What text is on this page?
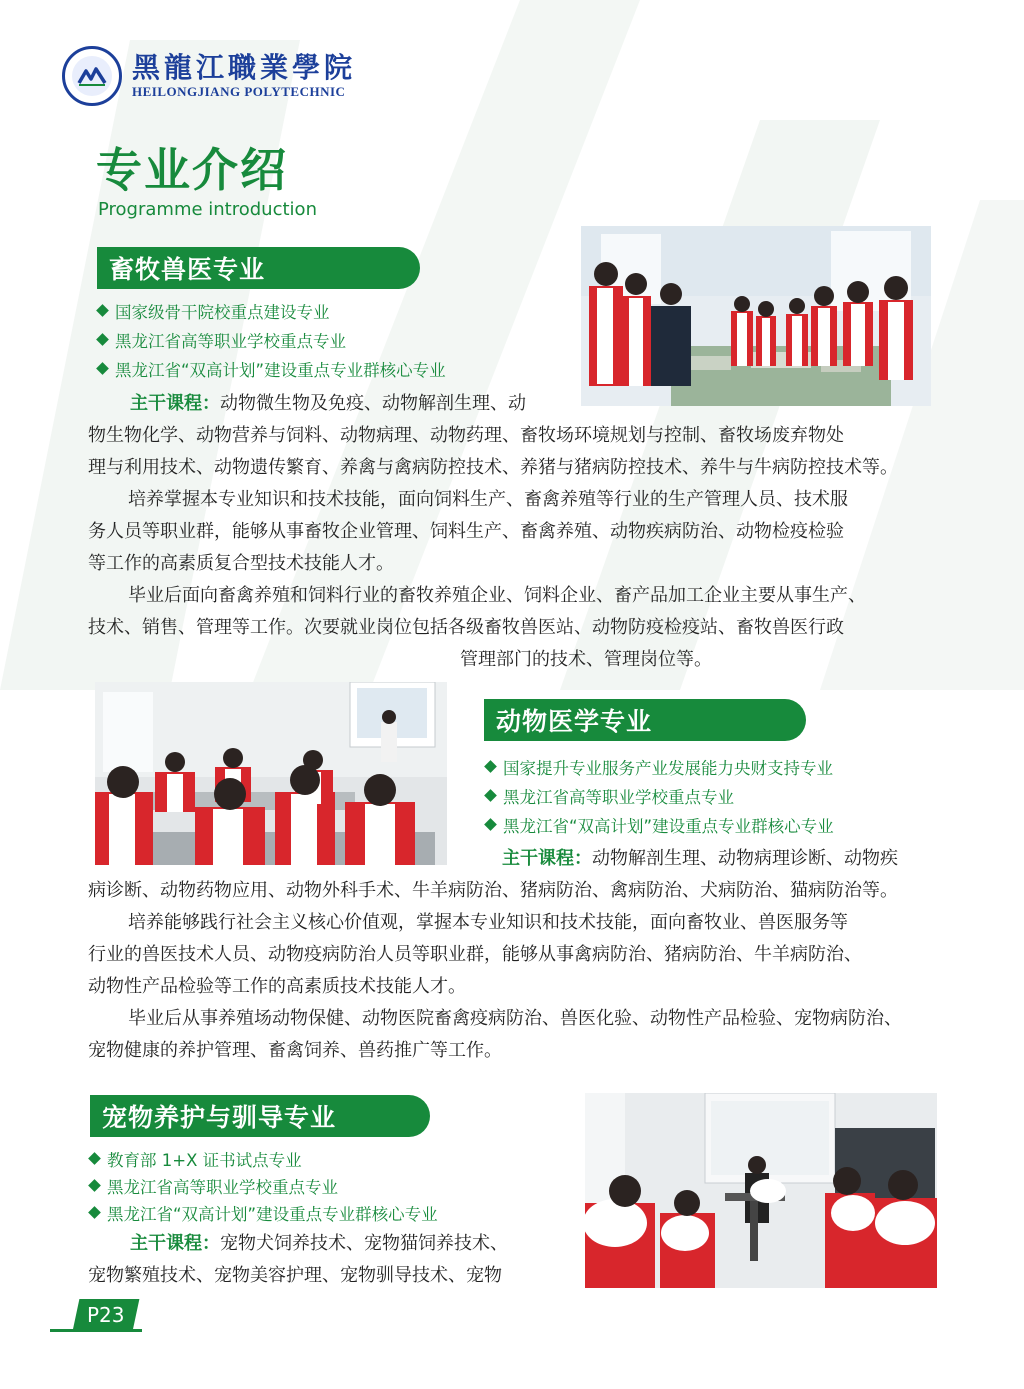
黑龍江職業學院
HEILONGJIANG POLYTECHNIC
专业介绍
Programme introduction
畜牧兽医专业
国家级骨干院校重点建设专业
黑龙江省高等职业学校重点专业
黑龙江省“双高计划”建设重点专业群核心专业
主干课程：动物微生物及免疫、动物解剖生理、动
物生物化学、动物营养与饲料、动物病理、动物药理、畜牧场环境规划与控制、畜牧场废弃物处
理与利用技术、动物遗传繁育、养禽与禽病防控技术、养猪与猪病防控技术、养牛与牛病防控技术等。
培养掌握本专业知识和技术技能，面向饲料生产、畜禽养殖等行业的生产管理人员、技术服
务人员等职业群，能够从事畜牧企业管理、饲料生产、畜禽养殖、动物疾病防治、动物检疫检验
等工作的高素质复合型技术技能人才。
毕业后面向畜禽养殖和饲料行业的畜牧养殖企业、饲料企业、畜产品加工企业主要从事生产、
技术、销售、管理等工作。次要就业岗位包括各级畜牧兽医站、动物防疫检疫站、畜牧兽医行政
管理部门的技术、管理岗位等。
动物医学专业
国家提升专业服务产业发展能力央财支持专业
黑龙江省高等职业学校重点专业
黑龙江省“双高计划”建设重点专业群核心专业
主干课程：动物解剖生理、动物病理诊断、动物疾
病诊断、动物药物应用、动物外科手术、牛羊病防治、猪病防治、禽病防治、犬病防治、猫病防治等。
培养能够践行社会主义核心价值观，掌握本专业知识和技术技能，面向畜牧业、兽医服务等
行业的兽医技术人员、动物疫病防治人员等职业群，能够从事禽病防治、猪病防治、牛羊病防治、
动物性产品检验等工作的高素质技术技能人才。
毕业后从事养殖场动物保健、动物医院畜禽疫病防治、兽医化验、动物性产品检验、宠物病防治、
宠物健康的养护管理、畜禽饲养、兽药推广等工作。
宠物养护与驯导专业
教育部 1+X 证书试点专业
黑龙江省高等职业学校重点专业
黑龙江省“双高计划”建设重点专业群核心专业
主干课程：宠物犬饲养技术、宠物猫饲养技术、
宠物繁殖技术、宠物美容护理、宠物驯导技术、宠物
P23
